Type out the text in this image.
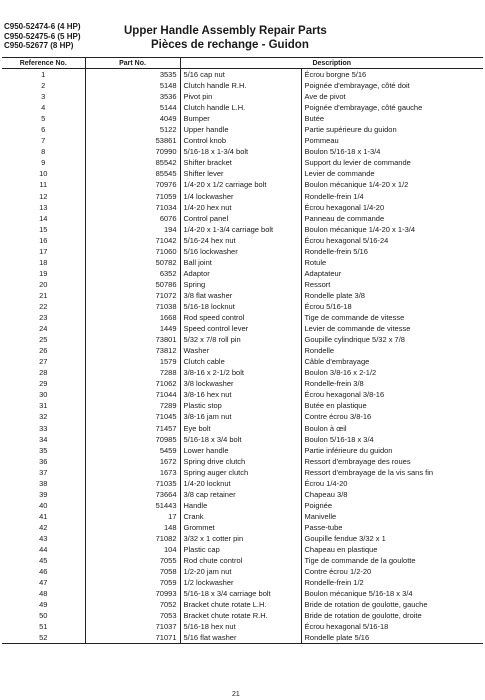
C950-52474-6 (4 HP)
C950-52475-6 (5 HP)
C950-52677 (8 HP)
Upper Handle Assembly Repair Parts
Pièces de rechange - Guidon
Reference No.	Part No.	Description	
1	3535	5/16 cap nut	Écrou borgne 5/16
2	5148	Clutch handle R.H.	Poignée d'embrayage, côté doit
3	3536	Pivot pin	Ave de pivot
4	5144	Clutch handle L.H.	Poignée d'embrayage, côté gauche
5	4049	Bumper	Butée
6	5122	Upper handle	Partie supérieure du guidon
7	53861	Control knob	Pommeau
8	70990	5/16-18 x 1-3/4 bolt	Boulon 5/16-18 x 1-3/4
9	85542	Shifter bracket	Support du levier de commande
10	85545	Shifter lever	Levier de commande
11	70976	1/4-20 x 1/2 carriage bolt	Boulon mécanique 1/4-20 x 1/2
12	71059	1/4 lockwasher	Rondelle-frein 1/4
13	71034	1/4-20 hex nut	Écrou hexagonal 1/4-20
14	6076	Control panel	Panneau de commande
15	194	1/4-20 x 1-3/4 carriage bolt	Boulon mécanique 1/4-20 x 1-3/4
16	71042	5/16-24 hex nut	Écrou hexagonal 5/16-24
17	71060	5/16 lockwasher	Rondelle-frein 5/16
18	50782	Ball joint	Rotule
19	6352	Adaptor	Adaptateur
20	50786	Spring	Ressort
21	71072	3/8 flat washer	Rondelle plate 3/8
22	71038	5/16-18 locknut	Écrou 5/16-18
23	1668	Rod speed control	Tige de commande de vitesse
24	1449	Speed control lever	Levier de commande de vitesse
25	73801	5/32 x 7/8 roll pin	Goupille cylindrique 5/32 x 7/8
26	73812	Washer	Rondelle
27	1579	Clutch cable	Câble d'embrayage
28	7288	3/8-16 x 2-1/2 bolt	Boulon 3/8-16 x 2-1/2
29	71062	3/8 lockwasher	Rondelle-frein 3/8
30	71044	3/8-16 hex nut	Écrou hexagonal 3/8-16
31	7289	Plastic stop	Butée en plastique
32	71045	3/8-16 jam nut	Contre écrou 3/8-16
33	71457	Eye bolt	Boulon à œil
34	70985	5/16-18 x 3/4 bolt	Boulon 5/16-18 x 3/4
35	5459	Lower handle	Partie inférieure du guidon
36	1672	Spring drive clutch	Ressort d'embrayage des roues
37	1673	Spring auger clutch	Ressort d'embrayage de la vis sans fin
38	71035	1/4-20 locknut	Écrou 1/4-20
39	73664	3/8 cap retainer	Chapeau 3/8
40	51443	Handle	Poignée
41	17	Crank	Manivelle
42	148	Grommet	Passe-tube
43	71082	3/32 x 1 cotter pin	Goupille fendue 3/32 x 1
44	104	Plastic cap	Chapeau en plastique
45	7055	Rod chute control	Tige de commande de la goulotte
46	7058	1/2-20 jam nut	Contre écrou 1/2-20
47	7059	1/2 lockwasher	Rondelle-frein 1/2
48	70993	5/16-18 x 3/4 carriage bolt	Boulon mécanique 5/16-18 x 3/4
49	7052	Bracket chute rotate L.H.	Bride de rotation de goulotte, gauche
50	7053	Bracket chute rotate R.H.	Bride de rotation de goulotte, droite
51	71037	5/16-18 hex nut	Écrou hexagonal 5/16-18
52	71071	5/16 flat washer	Rondelle plate 5/16
21
